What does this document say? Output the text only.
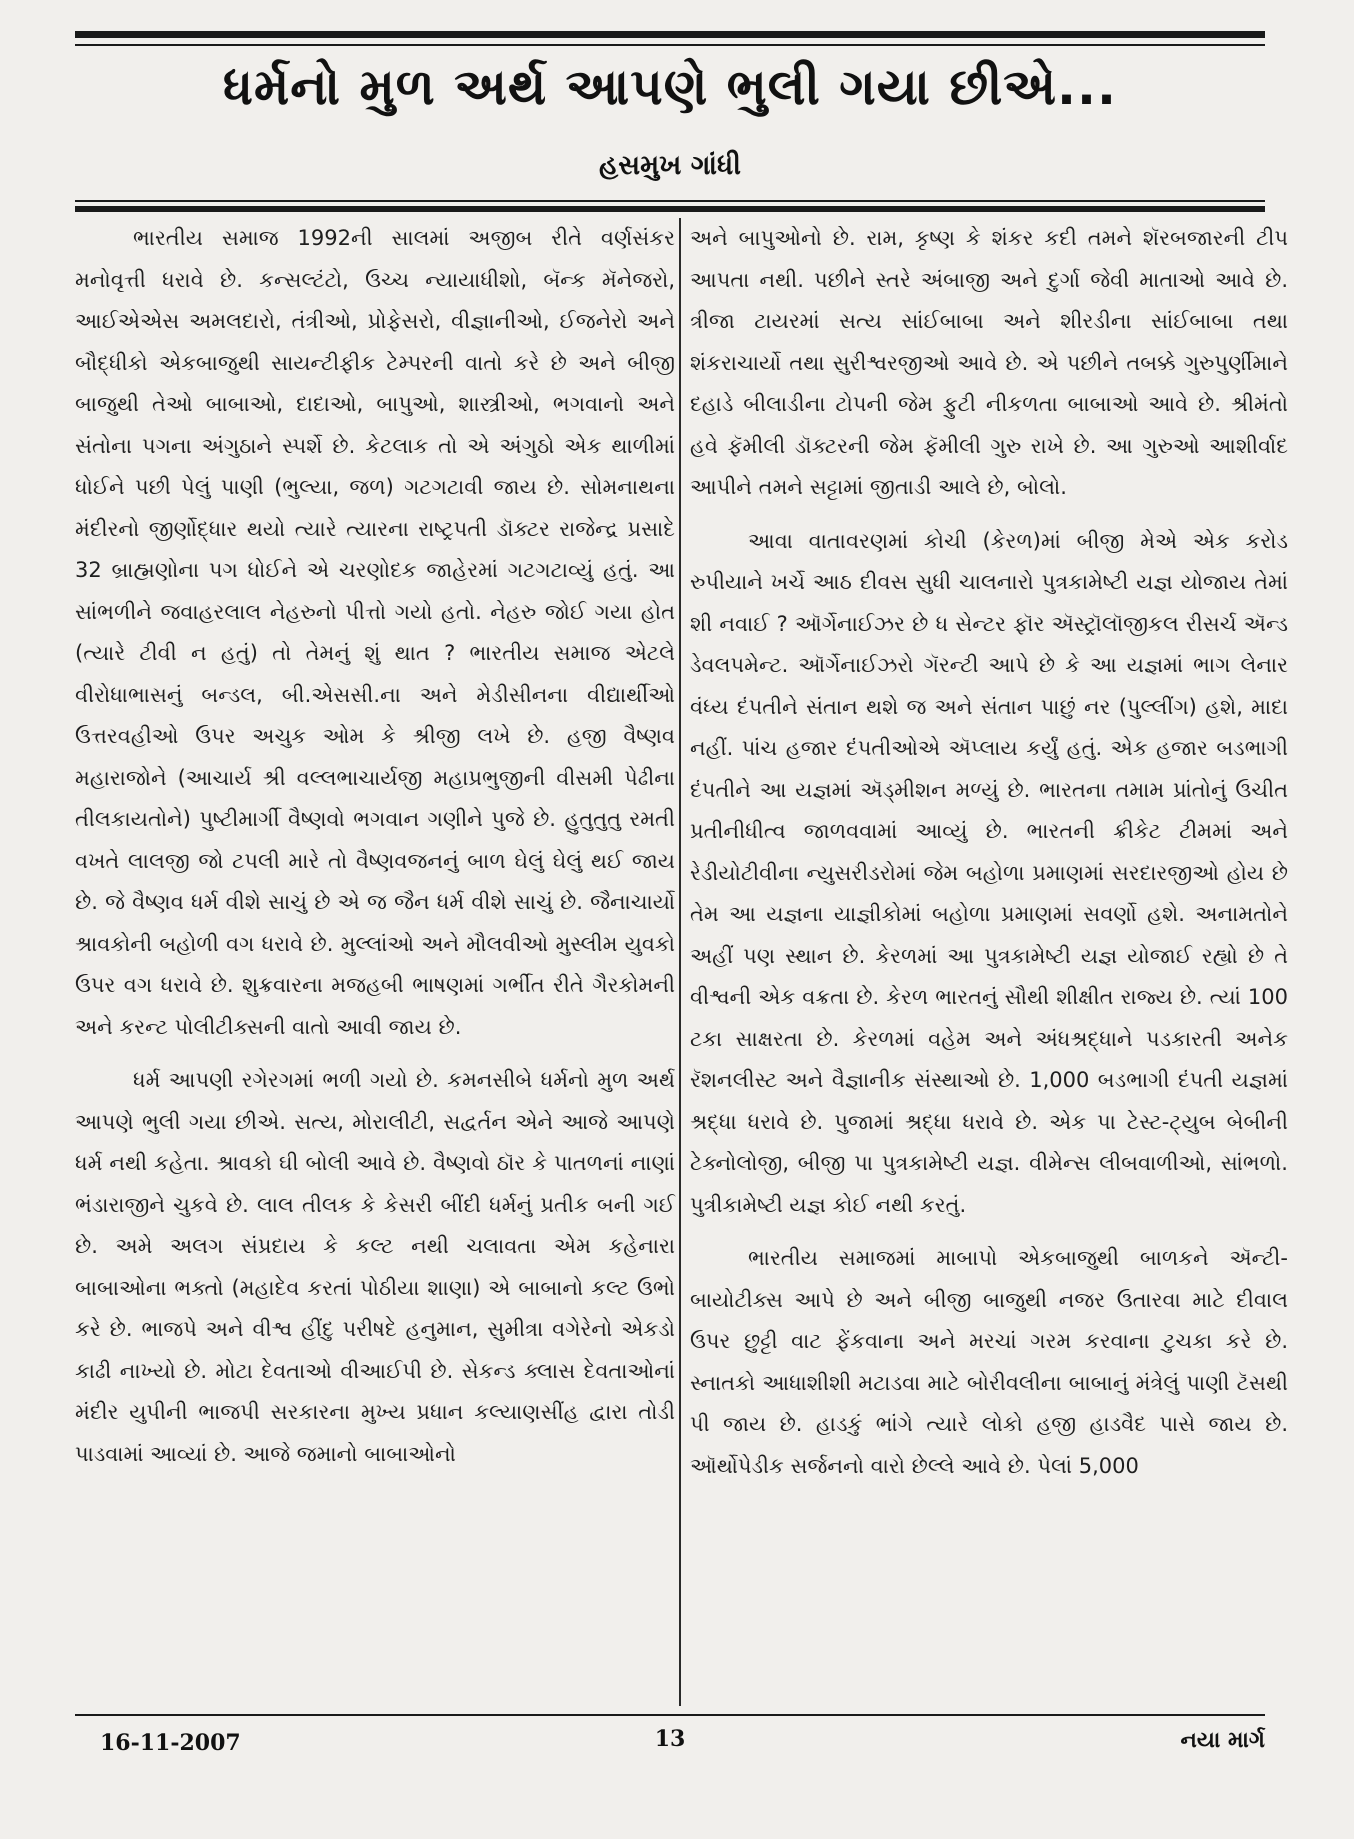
ધર્મનો મુળ અર્થ આપણે ભુલી ગયા છીએ...
હસમુખ ગાંધી

ભારતીય સમાજ 1992ની સાલમાં અજીબ રીતે વર્ણસંકર મનોવૃત્તી ધરાવે છે. કન્સલ્ટંટો, ઉચ્ચ ન્યાયાધીશો, બૅન્ક મૅનેજરો, આઈએએસ અમલદારો, તંત્રીઓ, પ્રોફેસરો, વીજ્ઞાનીઓ, ઈજનેરો અને બૌદ્ધીકો એકબાજુથી સાયન્ટીફીક ટેમ્પરની વાતો કરે છે અને બીજી બાજુથી તેઓ બાબાઓ, દાદાઓ, બાપુઓ, શાસ્ત્રીઓ, ભગવાનો અને સંતોના પગના અંગુઠાને સ્પર્શે છે. કેટલાક તો એ અંગુઠો એક થાળીમાં ધોઈને પછી પેલું પાણી (ભુલ્યા, જળ) ગટગટાવી જાય છે. સોમનાથના મંદીરનો જીર્ણોદ્ધાર થયો ત્યારે ત્યારના રાષ્ટ્રપતી ડૉક્ટર રાજેન્દ્ર પ્રસાદે 32 બ્રાહ્મણોના પગ ધોઈને એ ચરણોદક જાહેરમાં ગટગટાવ્યું હતું. આ સાંભળીને જવાહરલાલ નેહરુનો પીત્તો ગયો હતો. નેહરુ જોઈ ગયા હોત (ત્યારે ટીવી ન હતું) તો તેમનું શું થાત ? ભારતીય સમાજ એટલે વીરોધાભાસનું બન્ડલ, બી.એસસી.ના અને મેડીસીનના વીદ્યાર્થીઓ ઉત્તરવહીઓ ઉપર અચુક ઓમ કે શ્રીજી લખે છે. હજી વૈષ્ણવ મહારાજોને (આચાર્ય શ્રી વલ્લભાચાર્યજી મહાપ્રભુજીની વીસમી પેઢીના તીલકાયતોને) પુષ્ટીમાર્ગી વૈષ્ણવો ભગવાન ગણીને પુજે છે. હુતુતુતુ રમતી વખતે લાલજી જો ટપલી મારે તો વૈષ્ણવજનનું બાળ ઘેલું ઘેલું થઈ જાય છે. જે વૈષ્ણવ ધર્મ વીશે સાચું છે એ જ જૈન ધર્મ વીશે સાચું છે. જૈનાચાર્યો શ્રાવકોની બહોળી વગ ધરાવે છે. મુલ્લાંઓ અને મૌલવીઓ મુસ્લીમ યુવકો ઉપર વગ ધરાવે છે. શુક્રવારના મજહબી ભાષણમાં ગર્ભીત રીતે ગૈરકોમની અને કરન્ટ પોલીટીક્સની વાતો આવી જાય છે.

ધર્મ આપણી રગેરગમાં ભળી ગયો છે. કમનસીબે ધર્મનો મુળ અર્થ આપણે ભુલી ગયા છીએ. સત્ય, મોરાલીટી, સદ્વર્તન એને આજે આપણે ધર્મ નથી કહેતા. શ્રાવકો ઘી બોલી આવે છે. વૈષ્ણવો ઠૉર કે પાતળનાં નાણાં ભંડારાજીને ચુકવે છે. લાલ તીલક કે કેસરી બીંદી ધર્મનું પ્રતીક બની ગઈ છે. અમે અલગ સંપ્રદાય કે કલ્ટ નથી ચલાવતા એમ કહેનારા બાબાઓના ભક્તો (મહાદેવ કરતાં પોઠીયા શાણા) એ બાબાનો કલ્ટ ઉભો કરે છે. ભાજપે અને વીશ્વ હીંદુ પરીષદે હનુમાન, સુમીત્રા વગેરેનો એકડો કાઢી નાખ્યો છે. મોટા દેવતાઓ વીઆઈપી છે. સેકન્ડ ક્લાસ દેવતાઓનાં મંદીર યુપીની ભાજપી સરકારના મુખ્ય પ્રધાન કલ્યાણસીંહ દ્વારા તોડી પાડવામાં આવ્યાં છે. આજે જમાનો બાબાઓનો

અને બાપુઓનો છે. રામ, કૃષ્ણ કે શંકર કદી તમને શૅરબજારની ટીપ આપતા નથી. પછીને સ્તરે અંબાજી અને દુર્ગા જેવી માતાઓ આવે છે. ત્રીજા ટાયરમાં સત્ય સાંઈબાબા અને શીરડીના સાંઈબાબા તથા શંકરાચાર્યો તથા સુરીશ્વરજીઓ આવે છે. એ પછીને તબક્કે ગુરુપુર્ણીમાને દહાડે બીલાડીના ટોપની જેમ ફુટી નીકળતા બાબાઓ આવે છે. શ્રીમંતો હવે ફૅમીલી ડૉક્ટરની જેમ ફૅમીલી ગુરુ રાખે છે. આ ગુરુઓ આશીર્વાદ આપીને તમને સટ્ટામાં જીતાડી આલે છે, બોલો.

આવા વાતાવરણમાં કોચી (કેરળ)માં બીજી મેએ એક કરોડ રુપીયાને ખર્ચે આઠ દીવસ સુધી ચાલનારો પુત્રકામેષ્ટી યજ્ઞ યોજાય તેમાં શી નવાઈ ? ઑર્ગેનાઈઝર છે ધ સેન્ટર ફૉર ઍસ્ટ્રૉલૉજીકલ રીસર્ચ ઍન્ડ ડેવલપમેન્ટ. ઑર્ગેનાઈઝરો ગૅરન્ટી આપે છે કે આ યજ્ઞમાં ભાગ લેનાર વંધ્ય દંપતીને સંતાન થશે જ અને સંતાન પાછું નર (પુલ્લીંગ) હશે, માદા નહીં. પાંચ હજાર દંપતીઓએ ઍપ્લાય કર્યું હતું. એક હજાર બડભાગી દંપતીને આ યજ્ઞમાં ઍડ્મીશન મળ્યું છે. ભારતના તમામ પ્રાંતોનું ઉચીત પ્રતીનીધીત્વ જાળવવામાં આવ્યું છે. ભારતની ક્રીકેટ ટીમમાં અને રેડીયોટીવીના ન્યુસરીડરોમાં જેમ બહોળા પ્રમાણમાં સરદારજીઓ હોય છે તેમ આ યજ્ઞના યાજ્ઞીકોમાં બહોળા પ્રમાણમાં સવર્ણો હશે. અનામતોને અહીં પણ સ્થાન છે. કેરળમાં આ પુત્રકામેષ્ટી યજ્ઞ યોજાઈ રહ્યો છે તે વીશ્વની એક વક્રતા છે. કેરળ ભારતનું સૌથી શીક્ષીત રાજ્ય છે. ત્યાં 100 ટકા સાક્ષરતા છે. કેરળમાં વહેમ અને અંધશ્રદ્ધાને પડકારતી અનેક રૅશનલીસ્ટ અને વૈજ્ઞાનીક સંસ્થાઓ છે. 1,000 બડભાગી દંપતી યજ્ઞમાં શ્રદ્ધા ધરાવે છે. પુજામાં શ્રદ્ધા ધરાવે છે. એક પા ટેસ્ટ-ટ્યુબ બેબીની ટેક્નોલોજી, બીજી પા પુત્રકામેષ્ટી યજ્ઞ. વીમેન્સ લીબવાળીઓ, સાંભળો. પુત્રીકામેષ્ટી યજ્ઞ કોઈ નથી કરતું.

ભારતીય સમાજમાં માબાપો એકબાજુથી બાળકને ઍન્ટી-બાયોટીક્સ આપે છે અને બીજી બાજુથી નજર ઉતારવા માટે દીવાલ ઉપર છુટ્ટી વાટ ફેંકવાના અને મરચાં ગરમ કરવાના ટુચકા કરે છે. સ્નાતકો આધાશીશી મટાડવા માટે બોરીવલીના બાબાનું મંત્રેલું પાણી ટૅસથી પી જાય છે. હાડકું ભાંગે ત્યારે લોકો હજી હાડવૈદ પાસે જાય છે. ઑર્થોપેડીક સર્જનનો વારો છેલ્લે આવે છે. પેલાં 5,000

16-11-2007	13	નયા માર્ગ
